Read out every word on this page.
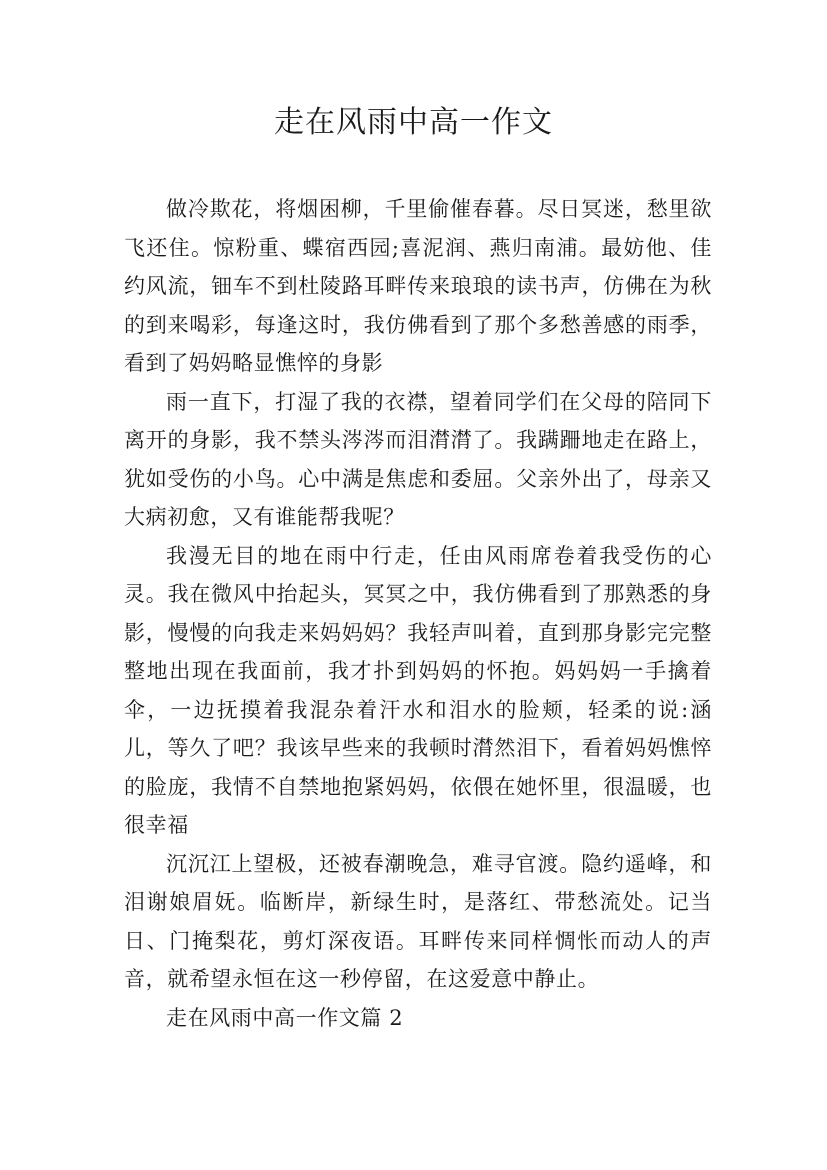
走在风雨中高一作文

做冷欺花，将烟困柳，千里偷催春暮。尽日冥迷，愁里欲飞还住。惊粉重、蝶宿西园;喜泥润、燕归南浦。最妨他、佳约风流，钿车不到杜陵路耳畔传来琅琅的读书声，仿佛在为秋的到来喝彩，每逢这时，我仿佛看到了那个多愁善感的雨季，看到了妈妈略显憔悴的身影

雨一直下，打湿了我的衣襟，望着同学们在父母的陪同下离开的身影，我不禁头涔涔而泪潸潸了。我蹒跚地走在路上，犹如受伤的小鸟。心中满是焦虑和委屈。父亲外出了，母亲又大病初愈，又有谁能帮我呢？

我漫无目的地在雨中行走，任由风雨席卷着我受伤的心灵。我在微风中抬起头，冥冥之中，我仿佛看到了那熟悉的身影，慢慢的向我走来妈妈妈？我轻声叫着，直到那身影完完整整地出现在我面前，我才扑到妈妈的怀抱。妈妈妈一手擒着伞，一边抚摸着我混杂着汗水和泪水的脸颊，轻柔的说:涵儿，等久了吧？我该早些来的我顿时潸然泪下，看着妈妈憔悴的脸庞，我情不自禁地抱紧妈妈，依偎在她怀里，很温暖，也很幸福

沉沉江上望极，还被春潮晚急，难寻官渡。隐约遥峰，和泪谢娘眉妩。临断岸，新绿生时，是落红、带愁流处。记当日、门掩梨花，剪灯深夜语。耳畔传来同样惆怅而动人的声音，就希望永恒在这一秒停留，在这爱意中静止。

走在风雨中高一作文篇 2
